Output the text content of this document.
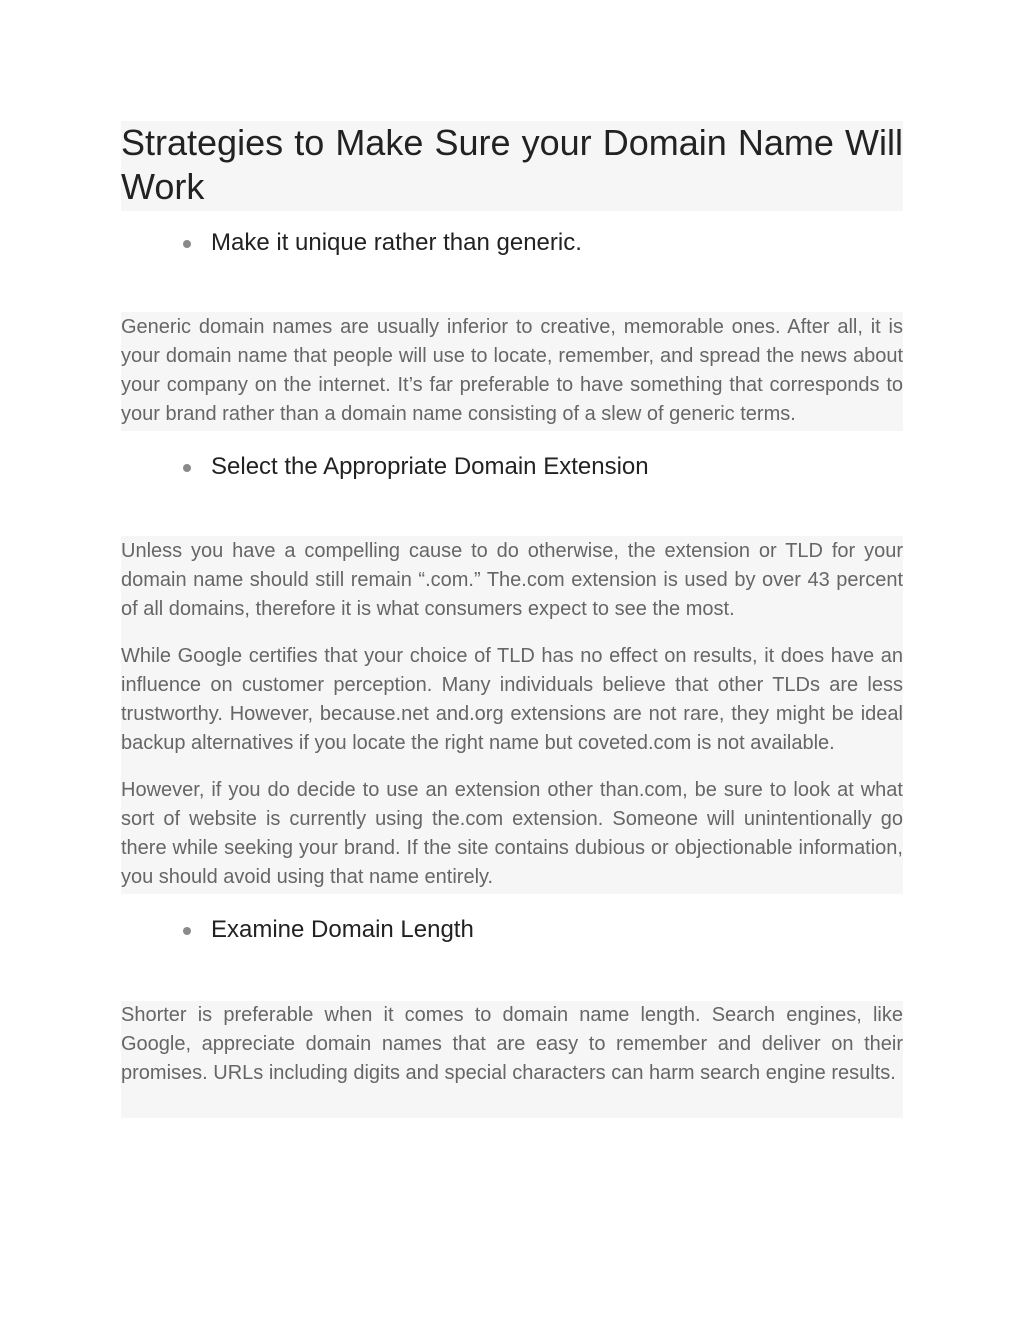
Strategies to Make Sure your Domain Name Will Work
Make it unique rather than generic.

Generic domain names are usually inferior to creative, memorable ones. After all, it is your domain name that people will use to locate, remember, and spread the news about your company on the internet. It’s far preferable to have something that corresponds to your brand rather than a domain name consisting of a slew of generic terms.

Select the Appropriate Domain Extension

Unless you have a compelling cause to do otherwise, the extension or TLD for your domain name should still remain “.com.” The.com extension is used by over 43 percent of all domains, therefore it is what consumers expect to see the most.

While Google certifies that your choice of TLD has no effect on results, it does have an influence on customer perception. Many individuals believe that other TLDs are less trustworthy. However, because.net and.org extensions are not rare, they might be ideal backup alternatives if you locate the right name but coveted.com is not available.

However, if you do decide to use an extension other than.com, be sure to look at what sort of website is currently using the.com extension. Someone will unintentionally go there while seeking your brand. If the site contains dubious or objectionable information, you should avoid using that name entirely.

Examine Domain Length

Shorter is preferable when it comes to domain name length. Search engines, like Google, appreciate domain names that are easy to remember and deliver on their promises. URLs including digits and special characters can harm search engine results.
